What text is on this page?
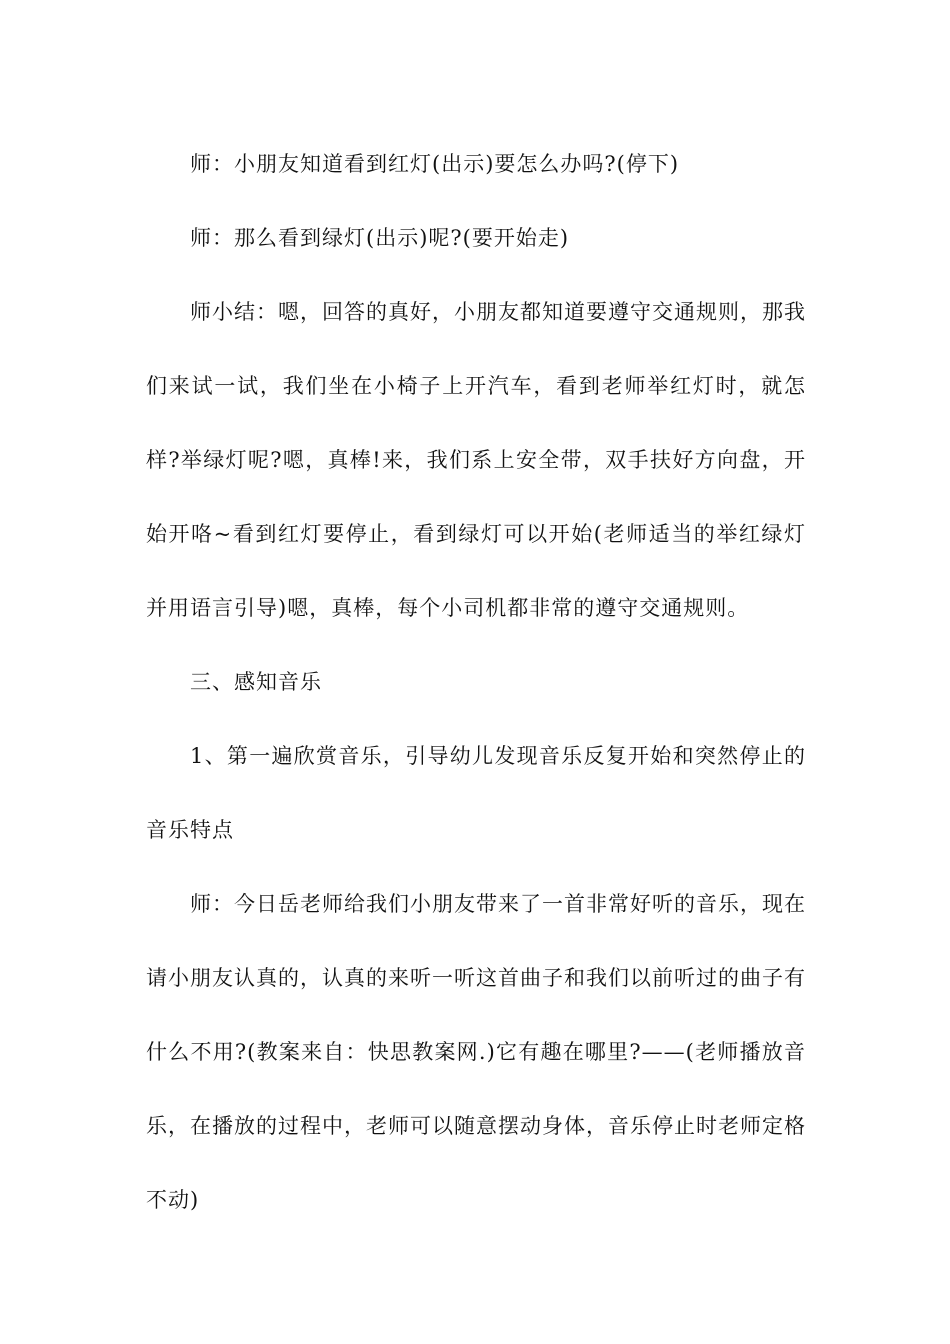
师：小朋友知道看到红灯(出示)要怎么办吗?(停下)

师：那么看到绿灯(出示)呢?(要开始走)

师小结：嗯，回答的真好，小朋友都知道要遵守交通规则，那我们来试一试，我们坐在小椅子上开汽车，看到老师举红灯时，就怎样?举绿灯呢?嗯，真棒!来，我们系上安全带，双手扶好方向盘，开始开咯~看到红灯要停止，看到绿灯可以开始(老师适当的举红绿灯并用语言引导)嗯，真棒，每个小司机都非常的遵守交通规则。

三、感知音乐

1、第一遍欣赏音乐，引导幼儿发现音乐反复开始和突然停止的音乐特点

师：今日岳老师给我们小朋友带来了一首非常好听的音乐，现在请小朋友认真的，认真的来听一听这首曲子和我们以前听过的曲子有什么不用?(教案来自：快思教案网.)它有趣在哪里?——(老师播放音乐，在播放的过程中，老师可以随意摆动身体，音乐停止时老师定格不动)
